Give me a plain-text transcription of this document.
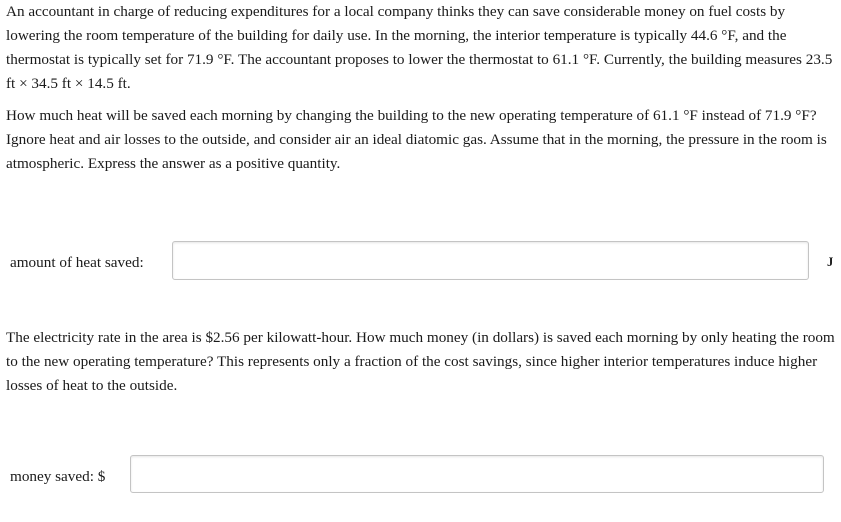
An accountant in charge of reducing expenditures for a local company thinks they can save considerable money on fuel costs by lowering the room temperature of the building for daily use. In the morning, the interior temperature is typically 44.6 °F, and the thermostat is typically set for 71.9 °F. The accountant proposes to lower the thermostat to 61.1 °F. Currently, the building measures 23.5 ft × 34.5 ft × 14.5 ft.

How much heat will be saved each morning by changing the building to the new operating temperature of 61.1 °F instead of 71.9 °F? Ignore heat and air losses to the outside, and consider air an ideal diatomic gas. Assume that in the morning, the pressure in the room is atmospheric. Express the answer as a positive quantity.

amount of heat saved:	J

The electricity rate in the area is $2.56 per kilowatt-hour. How much money (in dollars) is saved each morning by only heating the room to the new operating temperature? This represents only a fraction of the cost savings, since higher interior temperatures induce higher losses of heat to the outside.

money saved: $
